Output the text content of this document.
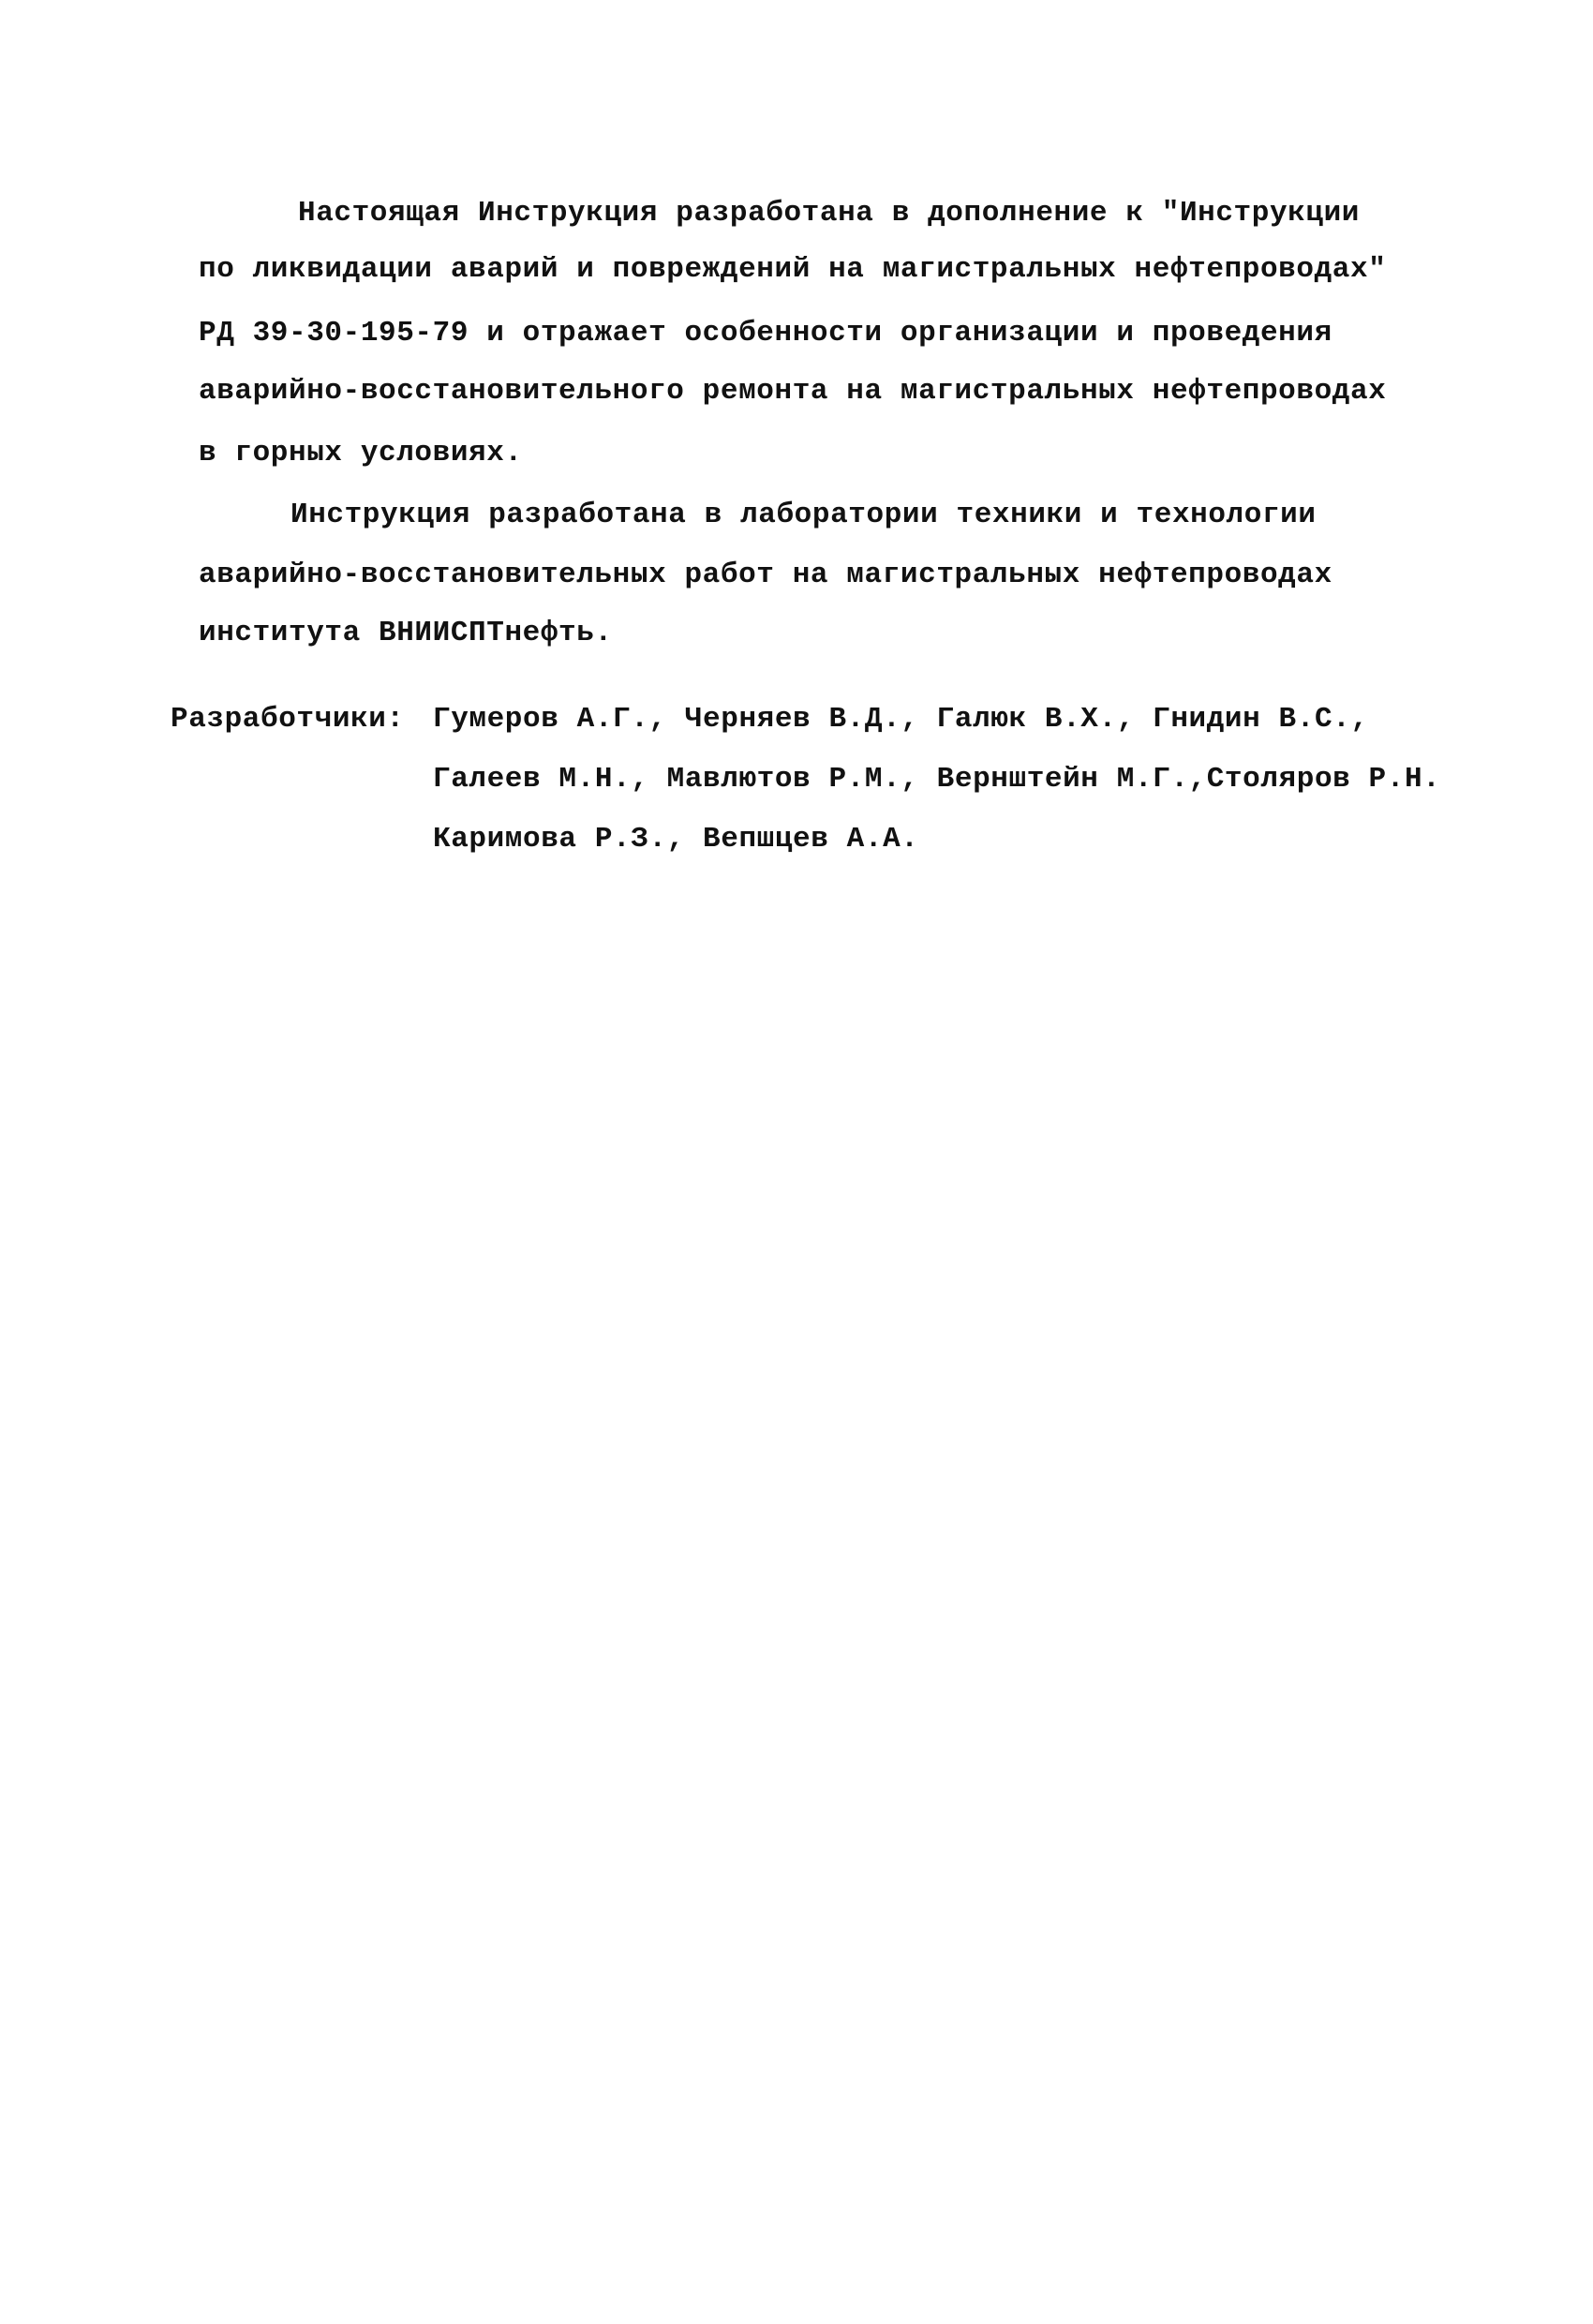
Настоящая Инструкция разработана в дополнение к "Инструкции
по ликвидации аварий и повреждений на магистральных нефтепроводах"
РД 39-30-195-79 и отражает особенности организации и проведения
аварийно-восстановительного ремонта на магистральных нефтепроводах
в горных условиях.
Инструкция разработана в лаборатории техники и технологии
аварийно-восстановительных работ на магистральных нефтепроводах
института ВНИИСПТнефть.
Разработчики: Гумеров А.Г., Черняев В.Д., Галюк В.Х., Гнидин В.С.,
Галеев М.Н., Мавлютов Р.М., Вернштейн М.Г.,Столяров Р.Н.
Каримова Р.З., Вепшцев А.А.
